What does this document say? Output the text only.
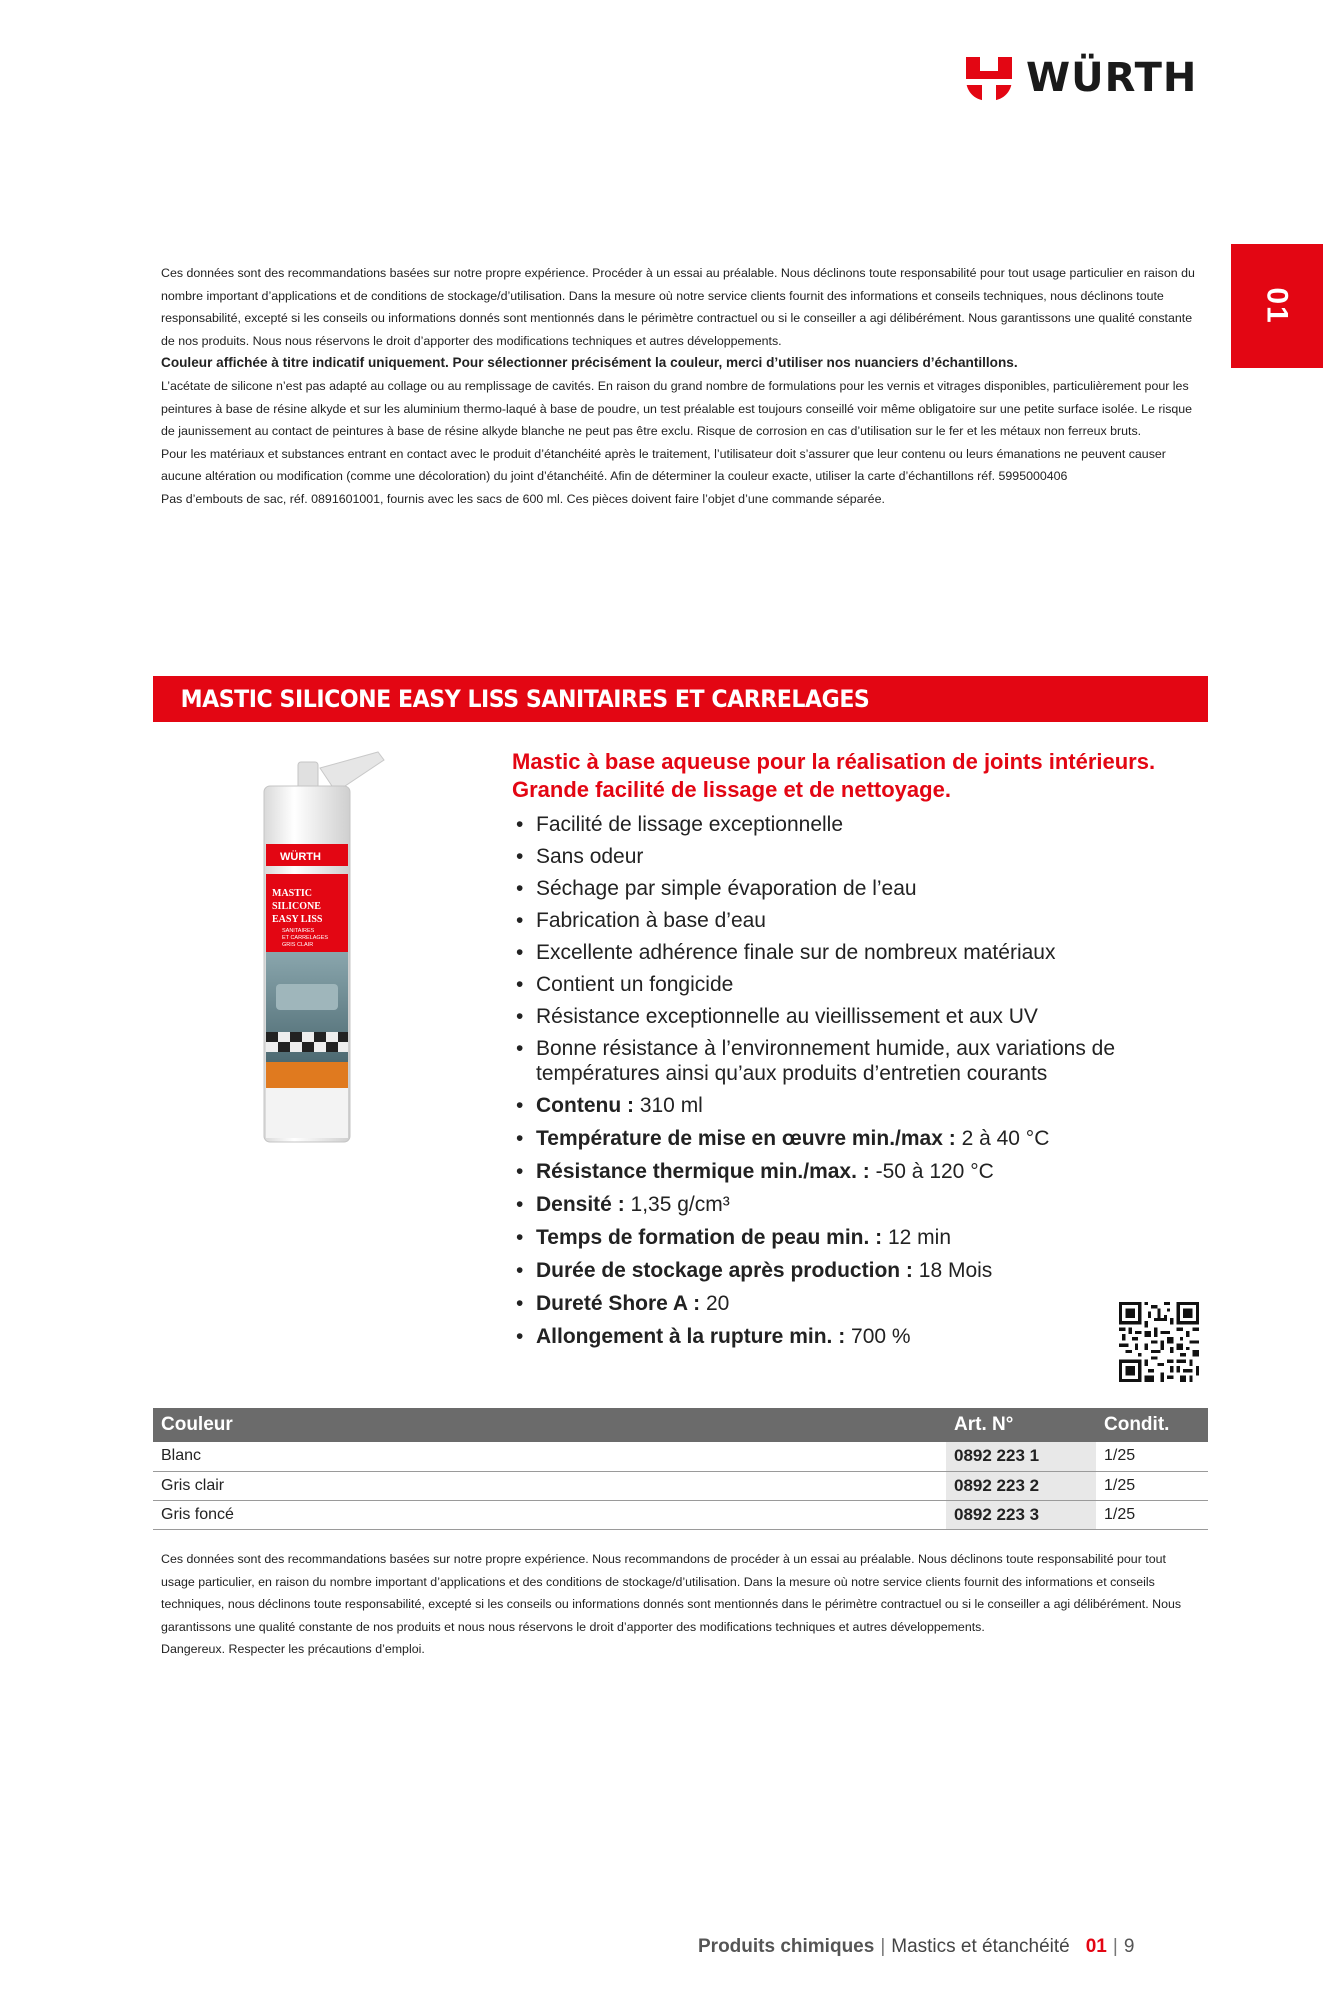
WÜRTH
01

Ces données sont des recommandations basées sur notre propre expérience. Procéder à un essai au préalable. Nous déclinons toute responsabilité pour tout usage particulier en raison du nombre important d’applications et de conditions de stockage/d’utilisation. Dans la mesure où notre service clients fournit des informations et conseils techniques, nous déclinons toute responsabilité, excepté si les conseils ou informations donnés sont mentionnés dans le périmètre contractuel ou si le conseiller a agi délibérément. Nous garantissons une qualité constante de nos produits. Nous nous réservons le droit d’apporter des modifications techniques et autres développements.

Couleur affichée à titre indicatif uniquement. Pour sélectionner précisément la couleur, merci d’utiliser nos nuanciers d’échantillons.

L’acétate de silicone n’est pas adapté au collage ou au remplissage de cavités. En raison du grand nombre de formulations pour les vernis et vitrages disponibles, particulièrement pour les peintures à base de résine alkyde et sur les aluminium thermo-laqué à base de poudre, un test préalable est toujours conseillé voir même obligatoire sur une petite surface isolée. Le risque de jaunissement au contact de peintures à base de résine alkyde blanche ne peut pas être exclu. Risque de corrosion en cas d’utilisation sur le fer et les métaux non ferreux bruts.

Pour les matériaux et substances entrant en contact avec le produit d’étanchéité après le traitement, l’utilisateur doit s’assurer que leur contenu ou leurs émanations ne peuvent causer aucune altération ou modification (comme une décoloration) du joint d’étanchéité. Afin de déterminer la couleur exacte, utiliser la carte d’échantillons réf. 5995000406

Pas d’embouts de sac, réf. 0891601001, fournis avec les sacs de 600 ml. Ces pièces doivent faire l’objet d’une commande séparée.

MASTIC SILICONE EASY LISS SANITAIRES ET CARRELAGES
WÜRTH
MASTIC
SILICONE
EASY LISS
SANITAIRES
ET CARRELAGES
GRIS CLAIR
Mastic à base aqueuse pour la réalisation de joints intérieurs. Grande facilité de lissage et de nettoyage.
• Facilité de lissage exceptionnelle
• Sans odeur
• Séchage par simple évaporation de l’eau
• Fabrication à base d’eau
• Excellente adhérence finale sur de nombreux matériaux
• Contient un fongicide
• Résistance exceptionnelle au vieillissement et aux UV
• Bonne résistance à l’environnement humide, aux variations de températures ainsi qu’aux produits d’entretien courants
• Contenu : 310 ml
• Température de mise en œuvre min./max : 2 à 40 °C
• Résistance thermique min./max. : -50 à 120 °C
• Densité : 1,35 g/cm³
• Temps de formation de peau min. : 12 min
• Durée de stockage après production : 18 Mois
• Dureté Shore A : 20
• Allongement à la rupture min. : 700 %
Couleur	Art. N°	Condit.
Blanc	0892 223 1	1/25
Gris clair	0892 223 2	1/25
Gris foncé	0892 223 3	1/25

Ces données sont des recommandations basées sur notre propre expérience. Nous recommandons de procéder à un essai au préalable. Nous déclinons toute responsabilité pour tout usage particulier, en raison du nombre important d’applications et des conditions de stockage/d’utilisation. Dans la mesure où notre service clients fournit des informations et conseils techniques, nous déclinons toute responsabilité, excepté si les conseils ou informations donnés sont mentionnés dans le périmètre contractuel ou si le conseiller a agi délibérément. Nous garantissons une qualité constante de nos produits et nous nous réservons le droit d’apporter des modifications techniques et autres développements.

Dangereux. Respecter les précautions d’emploi.

Produits chimiques | Mastics et étanchéité 01 | 9
